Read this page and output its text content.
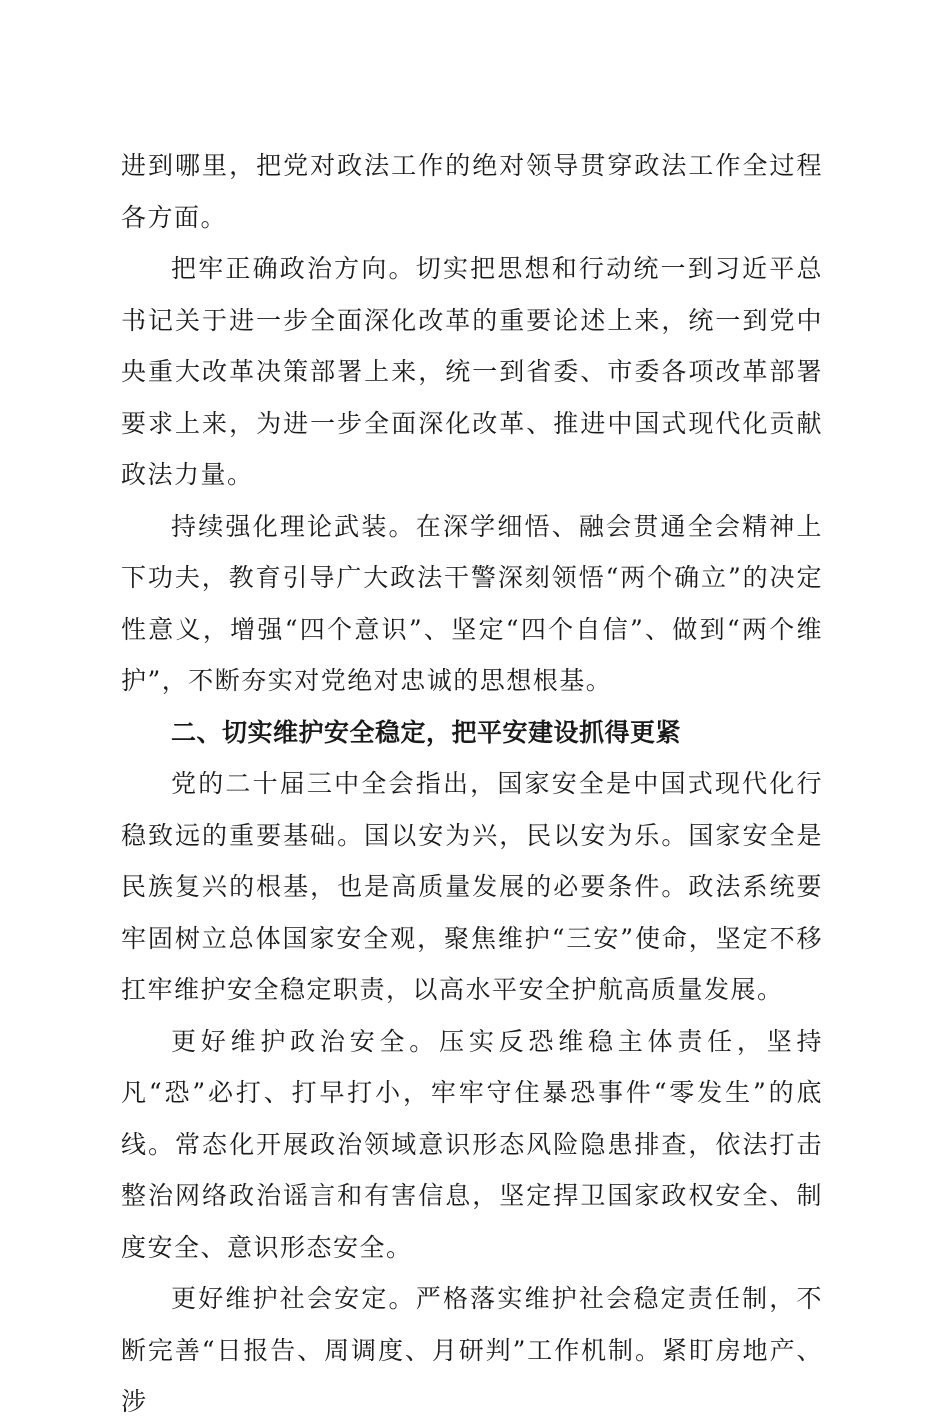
进到哪里，把党对政法工作的绝对领导贯穿政法工作全过程各方面。

把牢正确政治方向。切实把思想和行动统一到习近平总书记关于进一步全面深化改革的重要论述上来，统一到党中央重大改革决策部署上来，统一到省委、市委各项改革部署要求上来，为进一步全面深化改革、推进中国式现代化贡献政法力量。

持续强化理论武装。在深学细悟、融会贯通全会精神上下功夫，教育引导广大政法干警深刻领悟“两个确立”的决定性意义，增强“四个意识”、坚定“四个自信”、做到“两个维护”，不断夯实对党绝对忠诚的思想根基。

二、切实维护安全稳定，把平安建设抓得更紧

党的二十届三中全会指出，国家安全是中国式现代化行稳致远的重要基础。国以安为兴，民以安为乐。国家安全是民族复兴的根基，也是高质量发展的必要条件。政法系统要牢固树立总体国家安全观，聚焦维护“三安”使命，坚定不移扛牢维护安全稳定职责，以高水平安全护航高质量发展。

更好维护政治安全。压实反恐维稳主体责任，坚持凡“恐”必打、打早打小，牢牢守住暴恐事件“零发生”的底线。常态化开展政治领域意识形态风险隐患排查，依法打击整治网络政治谣言和有害信息，坚定捍卫国家政权安全、制度安全、意识形态安全。

更好维护社会安定。严格落实维护社会稳定责任制，不断完善“日报告、周调度、月研判”工作机制。紧盯房地产、涉
